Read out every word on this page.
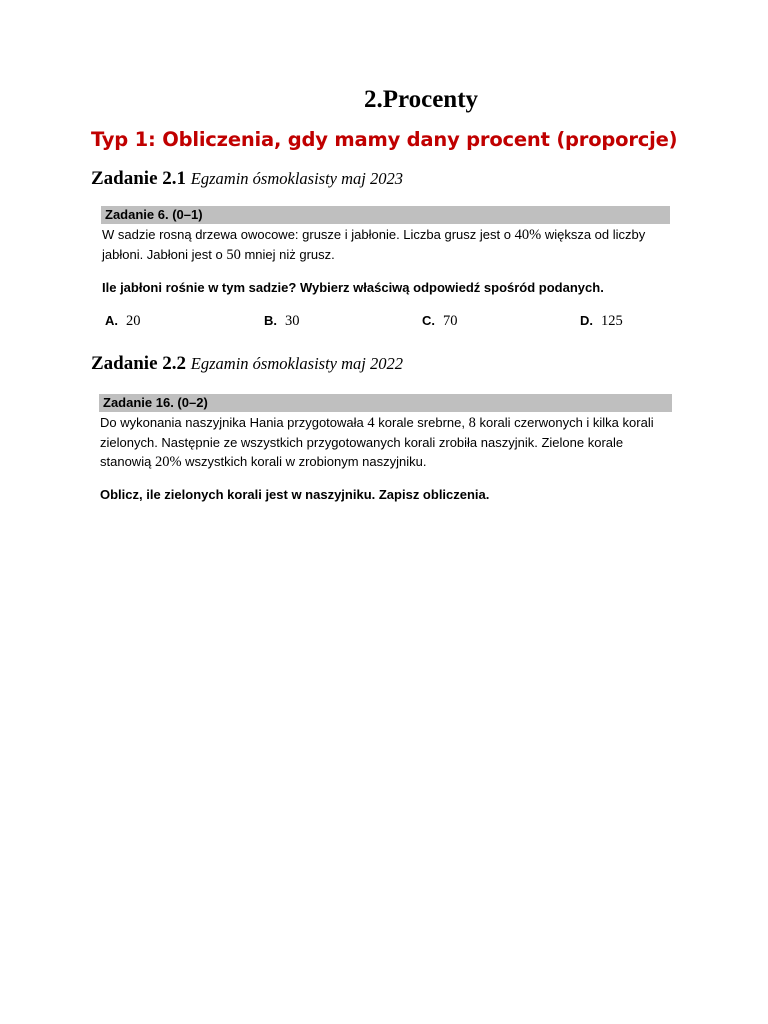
2.Procenty
Typ 1: Obliczenia, gdy mamy dany procent (proporcje)
Zadanie 2.1 Egzamin ósmoklasisty maj 2023
Zadanie 6. (0–1)
W sadzie rosną drzewa owocowe: grusze i jabłonie. Liczba grusz jest o 40% większa od liczby jabłoni. Jabłoni jest o 50 mniej niż grusz.
Ile jabłoni rośnie w tym sadzie? Wybierz właściwą odpowiedź spośród podanych.
A. 20	B. 30	C. 70	D. 125
Zadanie 2.2 Egzamin ósmoklasisty maj 2022
Zadanie 16. (0–2)
Do wykonania naszyjnika Hania przygotowała 4 korale srebrne, 8 korali czerwonych i kilka korali zielonych. Następnie ze wszystkich przygotowanych korali zrobiła naszyjnik. Zielone korale stanowią 20% wszystkich korali w zrobionym naszyjniku.
Oblicz, ile zielonych korali jest w naszyjniku. Zapisz obliczenia.
